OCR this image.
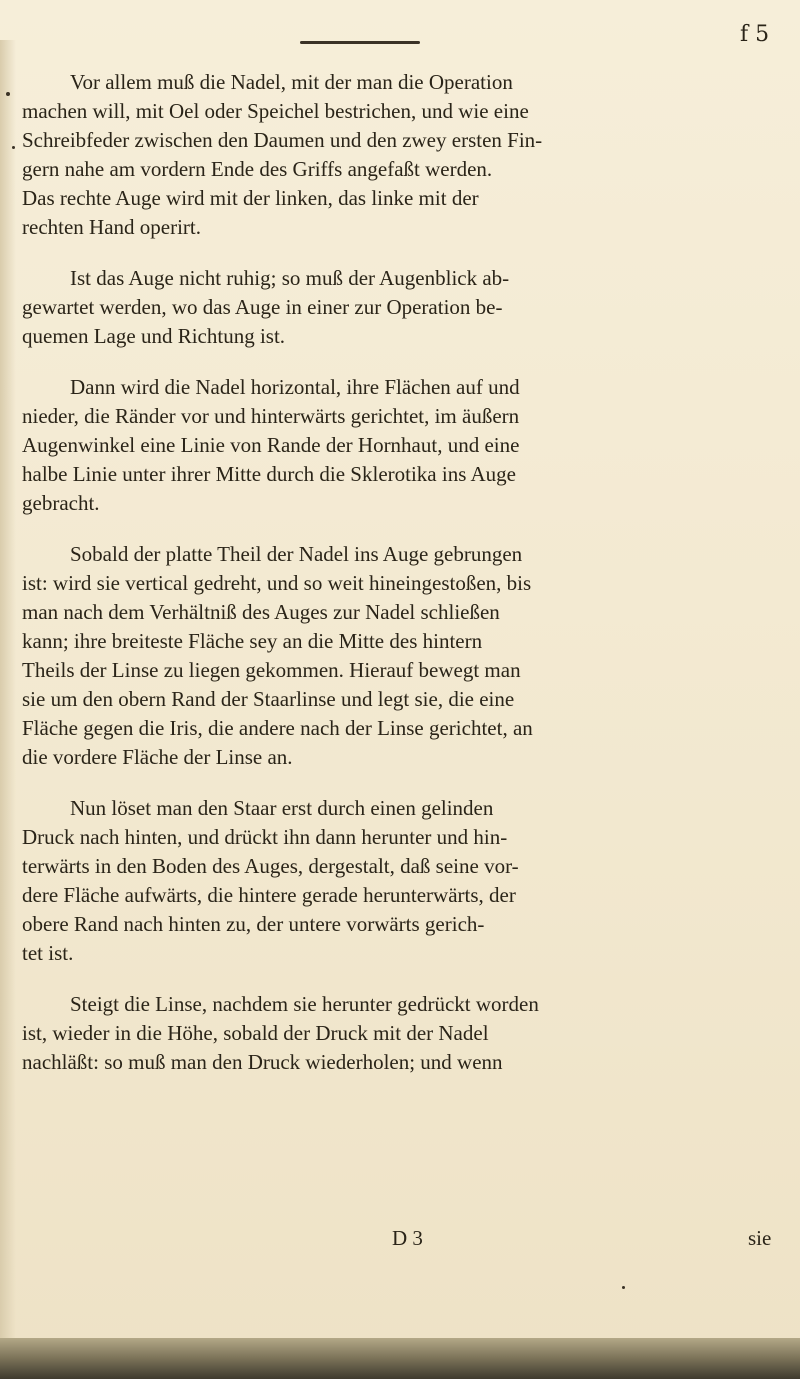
f 5
Vor allem muß die Nadel, mit der man die Operation
machen will, mit Oel oder Speichel bestrichen, und wie eine
Schreibfeder zwischen den Daumen und den zwey ersten Fin-
gern nahe am vordern Ende des Griffs angefaßt werden.
Das rechte Auge wird mit der linken, das linke mit der
rechten Hand operirt.
Ist das Auge nicht ruhig; so muß der Augenblick ab-
gewartet werden, wo das Auge in einer zur Operation be-
quemen Lage und Richtung ist.
Dann wird die Nadel horizontal, ihre Flächen auf und
nieder, die Ränder vor und hinterwärts gerichtet, im äußern
Augenwinkel eine Linie von Rande der Hornhaut, und eine
halbe Linie unter ihrer Mitte durch die Sklerotika ins Auge
gebracht.
Sobald der platte Theil der Nadel ins Auge gebrungen
ist: wird sie vertical gedreht, und so weit hineingestoßen, bis
man nach dem Verhältniß des Auges zur Nadel schließen
kann; ihre breiteste Fläche sey an die Mitte des hintern
Theils der Linse zu liegen gekommen. Hierauf bewegt man
sie um den obern Rand der Staarlinse und legt sie, die eine
Fläche gegen die Iris, die andere nach der Linse gerichtet, an
die vordere Fläche der Linse an.
Nun löset man den Staar erst durch einen gelinden
Druck nach hinten, und drückt ihn dann herunter und hin-
terwärts in den Boden des Auges, dergestalt, daß seine vor-
dere Fläche aufwärts, die hintere gerade herunterwärts, der
obere Rand nach hinten zu, der untere vorwärts gerich-
tet ist.
Steigt die Linse, nachdem sie herunter gedrückt worden
ist, wieder in die Höhe, sobald der Druck mit der Nadel
nachläßt: so muß man den Druck wiederholen; und wenn
D 3	sie
